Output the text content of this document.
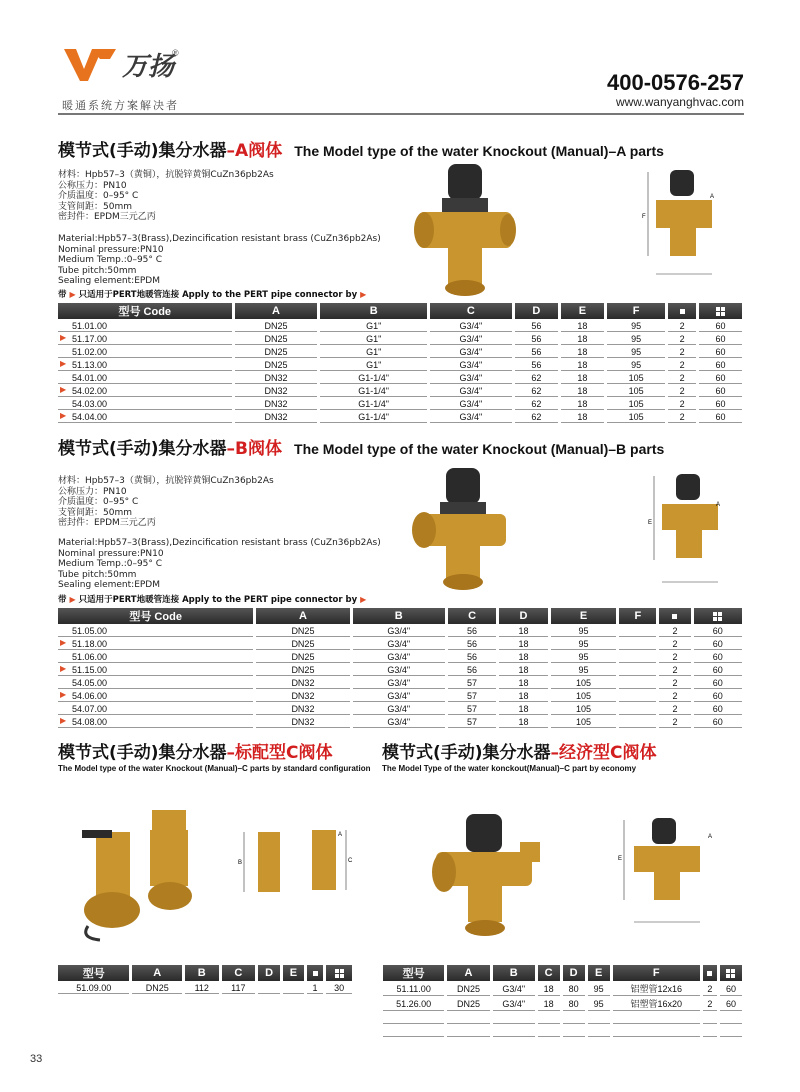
万扬
®
暖通系统方案解决者
400-0576-257
www.wanyanghvac.com
模节式(手动)集分水器–A阀体 The Model type of the water Knockout (Manual)–A parts
材料：Hpb57–3（黄铜），抗脱锌黄铜CuZn36pb2As
公称压力：PN10
介质温度：0–95° C
支管间距：50mm
密封件：EPDM三元乙丙
Material:Hpb57–3(Brass),Dezincification resistant brass (CuZn36pb2As)
Nominal pressure:PN10
Medium Temp.:0–95° C
Tube pitch:50mm
Sealing element:EPDM
带 ▶ 只适用于PERT地暖管连接 Apply to the PERT pipe connector by ▶
F
A
型号 Code	A	B	C	D	E	F		

51.01.00	DN25	G1"	G3/4"	56	18	95	2	60

▶ 51.17.00	DN25	G1"	G3/4"	56	18	95	2	60

51.02.00	DN25	G1"	G3/4"	56	18	95	2	60

▶ 51.13.00	DN25	G1"	G3/4"	56	18	95	2	60

54.01.00	DN32	G1-1/4"	G3/4"	62	18	105	2	60

▶ 54.02.00	DN32	G1-1/4"	G3/4"	62	18	105	2	60

54.03.00	DN32	G1-1/4"	G3/4"	62	18	105	2	60

▶ 54.04.00	DN32	G1-1/4"	G3/4"	62	18	105	2	60
模节式(手动)集分水器–B阀体 The Model type of the water Knockout (Manual)–B parts
材料：Hpb57–3（黄铜），抗脱锌黄铜CuZn36pb2As
公称压力：PN10
介质温度：0–95° C
支管间距：50mm
密封件：EPDM三元乙丙
Material:Hpb57–3(Brass),Dezincification resistant brass (CuZn36pb2As)
Nominal pressure:PN10
Medium Temp.:0–95° C
Tube pitch:50mm
Sealing element:EPDM
带 ▶ 只适用于PERT地暖管连接 Apply to the PERT pipe connector by ▶
E
A
型号 Code	A	B	C	D	E	F		

51.05.00	DN25	G3/4"	56	18	95		2	60

▶ 51.18.00	DN25	G3/4"	56	18	95		2	60

51.06.00	DN25	G3/4"	56	18	95		2	60

▶ 51.15.00	DN25	G3/4"	56	18	95		2	60

54.05.00	DN32	G3/4"	57	18	105		2	60

▶ 54.06.00	DN32	G3/4"	57	18	105		2	60

54.07.00	DN32	G3/4"	57	18	105		2	60

▶ 54.08.00	DN32	G3/4"	57	18	105		2	60
模节式(手动)集分水器–标配型C阀体
The Model type of the water Knockout (Manual)–C parts by standard configuration
B	C
A
型号	A	B	C	D	E		

51.09.00	DN25	112	117			1	30
模节式(手动)集分水器–经济型C阀体
The Model Type of the water konckout(Manual)–C part by economy
E
A
型号	A	B	C	D	E	F		

51.11.00	DN25	G3/4"	18	80	95	铝塑管12x16	2	60
51.26.00	DN25	G3/4"	18	80	95	铝塑管16x20	2	60

33
